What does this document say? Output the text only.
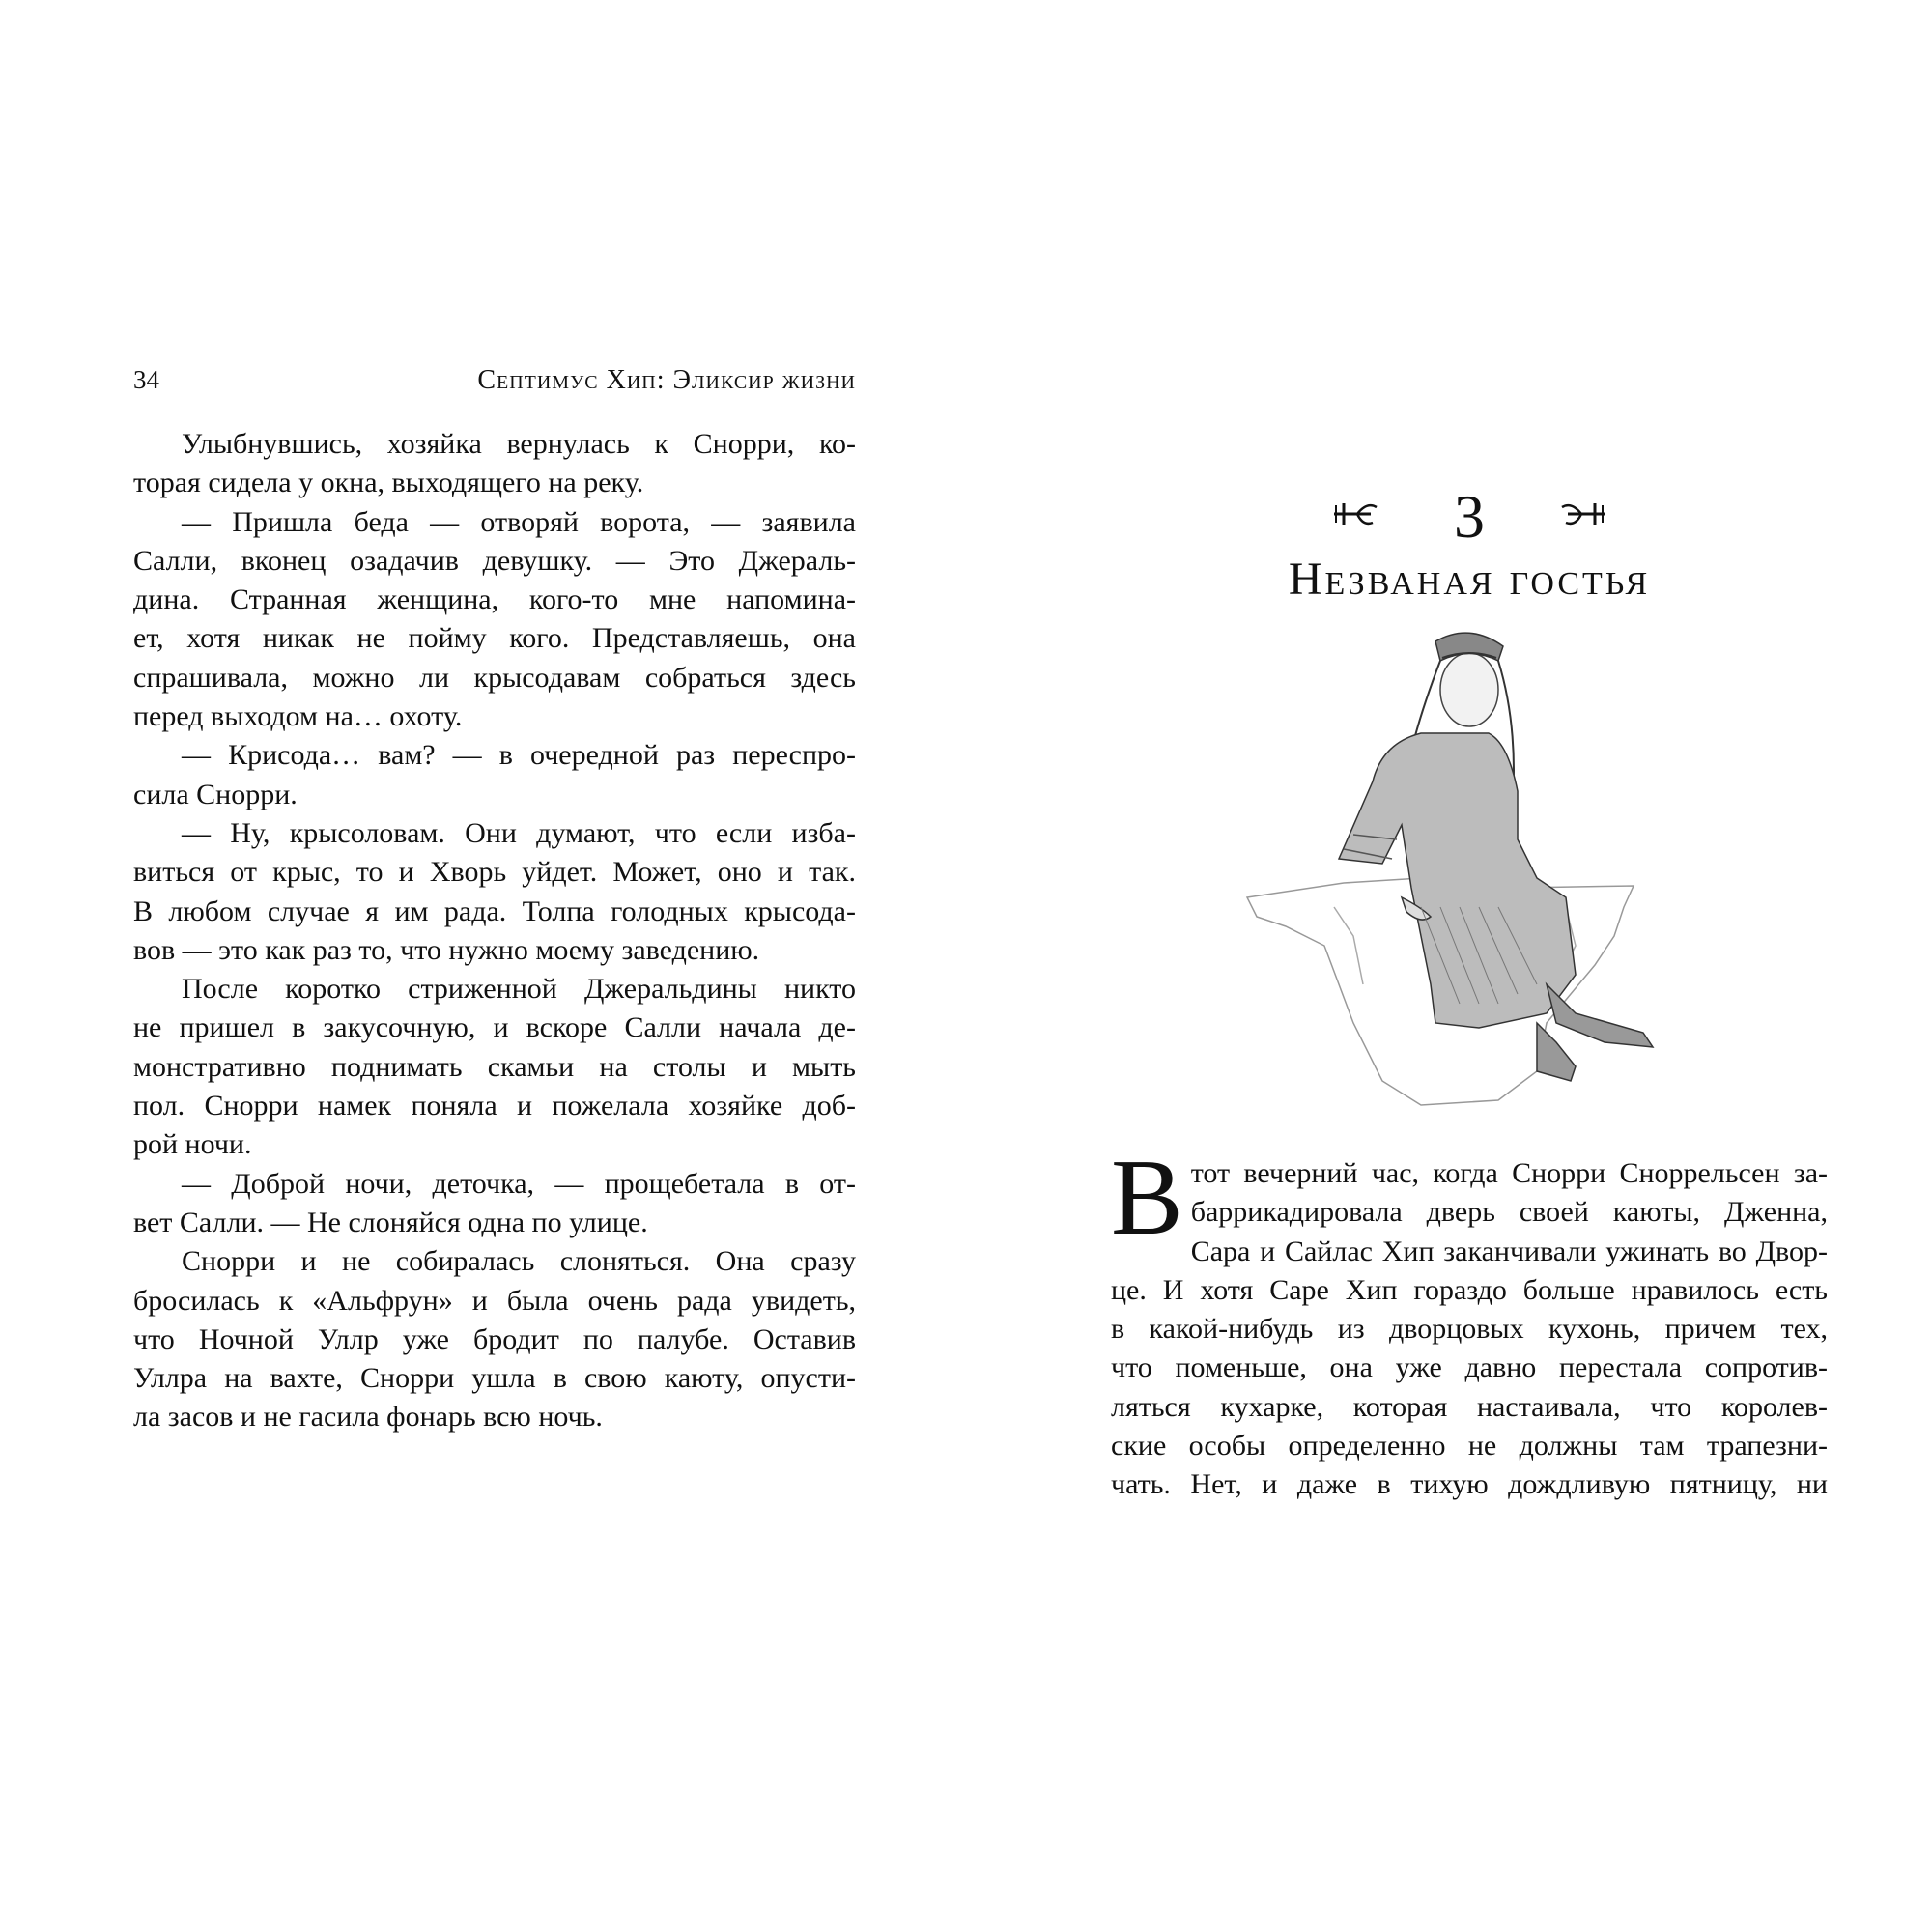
34	Септимус Хип: Эликсир жизни
Улыбнувшись, хозяйка вернулась к Снорри, ко-
торая сидела у окна, выходящего на реку.
— Пришла беда — отворяй ворота, — заявила
Салли, вконец озадачив девушку. — Это Джераль-
дина. Странная женщина, кого-то мне напомина-
ет, хотя никак не пойму кого. Представляешь, она
спрашивала, можно ли крысодавам собраться здесь
перед выходом на… охоту.
— Крисода… вам? — в очередной раз переспро-
сила Снорри.
— Ну, крысоловам. Они думают, что если изба-
виться от крыс, то и Хворь уйдет. Может, оно и так.
В любом случае я им рада. Толпа голодных крысода-
вов — это как раз то, что нужно моему заведению.
После коротко стриженной Джеральдины никто
не пришел в закусочную, и вскоре Салли начала де-
монстративно поднимать скамьи на столы и мыть
пол. Снорри намек поняла и пожелала хозяйке доб-
рой ночи.
— Доброй ночи, деточка, — прощебетала в от-
вет Салли. — Не слоняйся одна по улице.
Снорри и не собиралась слоняться. Она сразу
бросилась к «Альфрун» и была очень рада увидеть,
что Ночной Уллр уже бродит по палубе. Оставив
Уллра на вахте, Снорри ушла в свою каюту, опусти-
ла засов и не гасила фонарь всю ночь.
3
Незваная гостья
В тот вечерний час, когда Снорри Сноррельсен за-
баррикадировала дверь своей каюты, Дженна,
Сара и Сайлас Хип заканчивали ужинать во Двор-
це. И хотя Саре Хип гораздо больше нравилось есть
в какой-нибудь из дворцовых кухонь, причем тех,
что поменьше, она уже давно перестала сопротив-
ляться кухарке, которая настаивала, что королев-
ские особы определенно не должны там трапезни-
чать. Нет, и даже в тихую дождливую пятницу, ни
